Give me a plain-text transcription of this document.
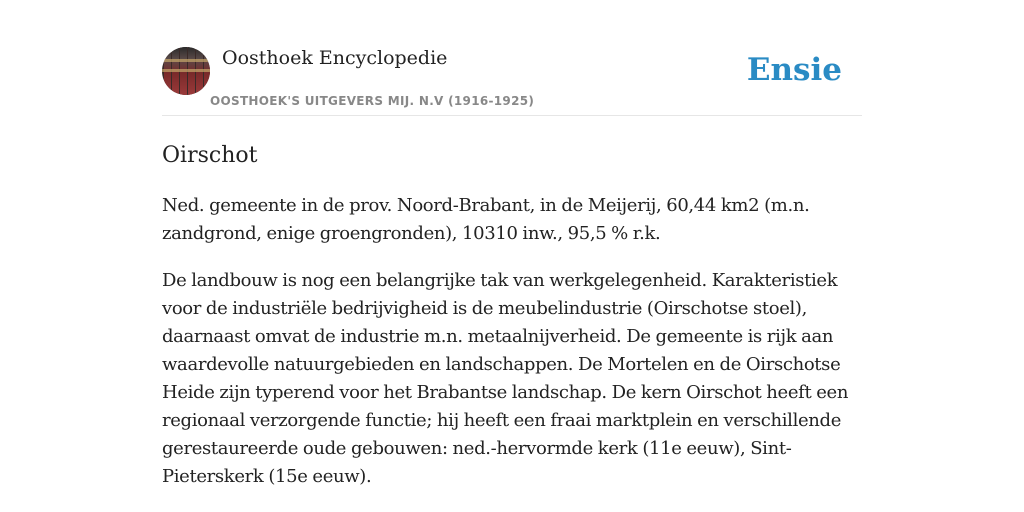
Oosthoek Encyclopedie
OOSTHOEK'S UITGEVERS MIJ. N.V (1916-1925)
Ensie
Oirschot
Ned. gemeente in de prov. Noord-Brabant, in de Meijerij, 60,44 km2 (m.n. zandgrond, enige groengronden), 10310 inw., 95,5 % r.k.
De landbouw is nog een belangrijke tak van werkgelegenheid. Karakteristiek voor de industriële bedrijvigheid is de meubelindustrie (Oirschotse stoel), daarnaast omvat de industrie m.n. metaalnijverheid. De gemeente is rijk aan waardevolle natuurgebieden en landschappen. De Mortelen en de Oirschotse Heide zijn typerend voor het Brabantse landschap. De kern Oirschot heeft een regionaal verzorgende functie; hij heeft een fraai marktplein en verschillende gerestaureerde oude gebouwen: ned.-hervormde kerk (11e eeuw), Sint-Pieterskerk (15e eeuw).
